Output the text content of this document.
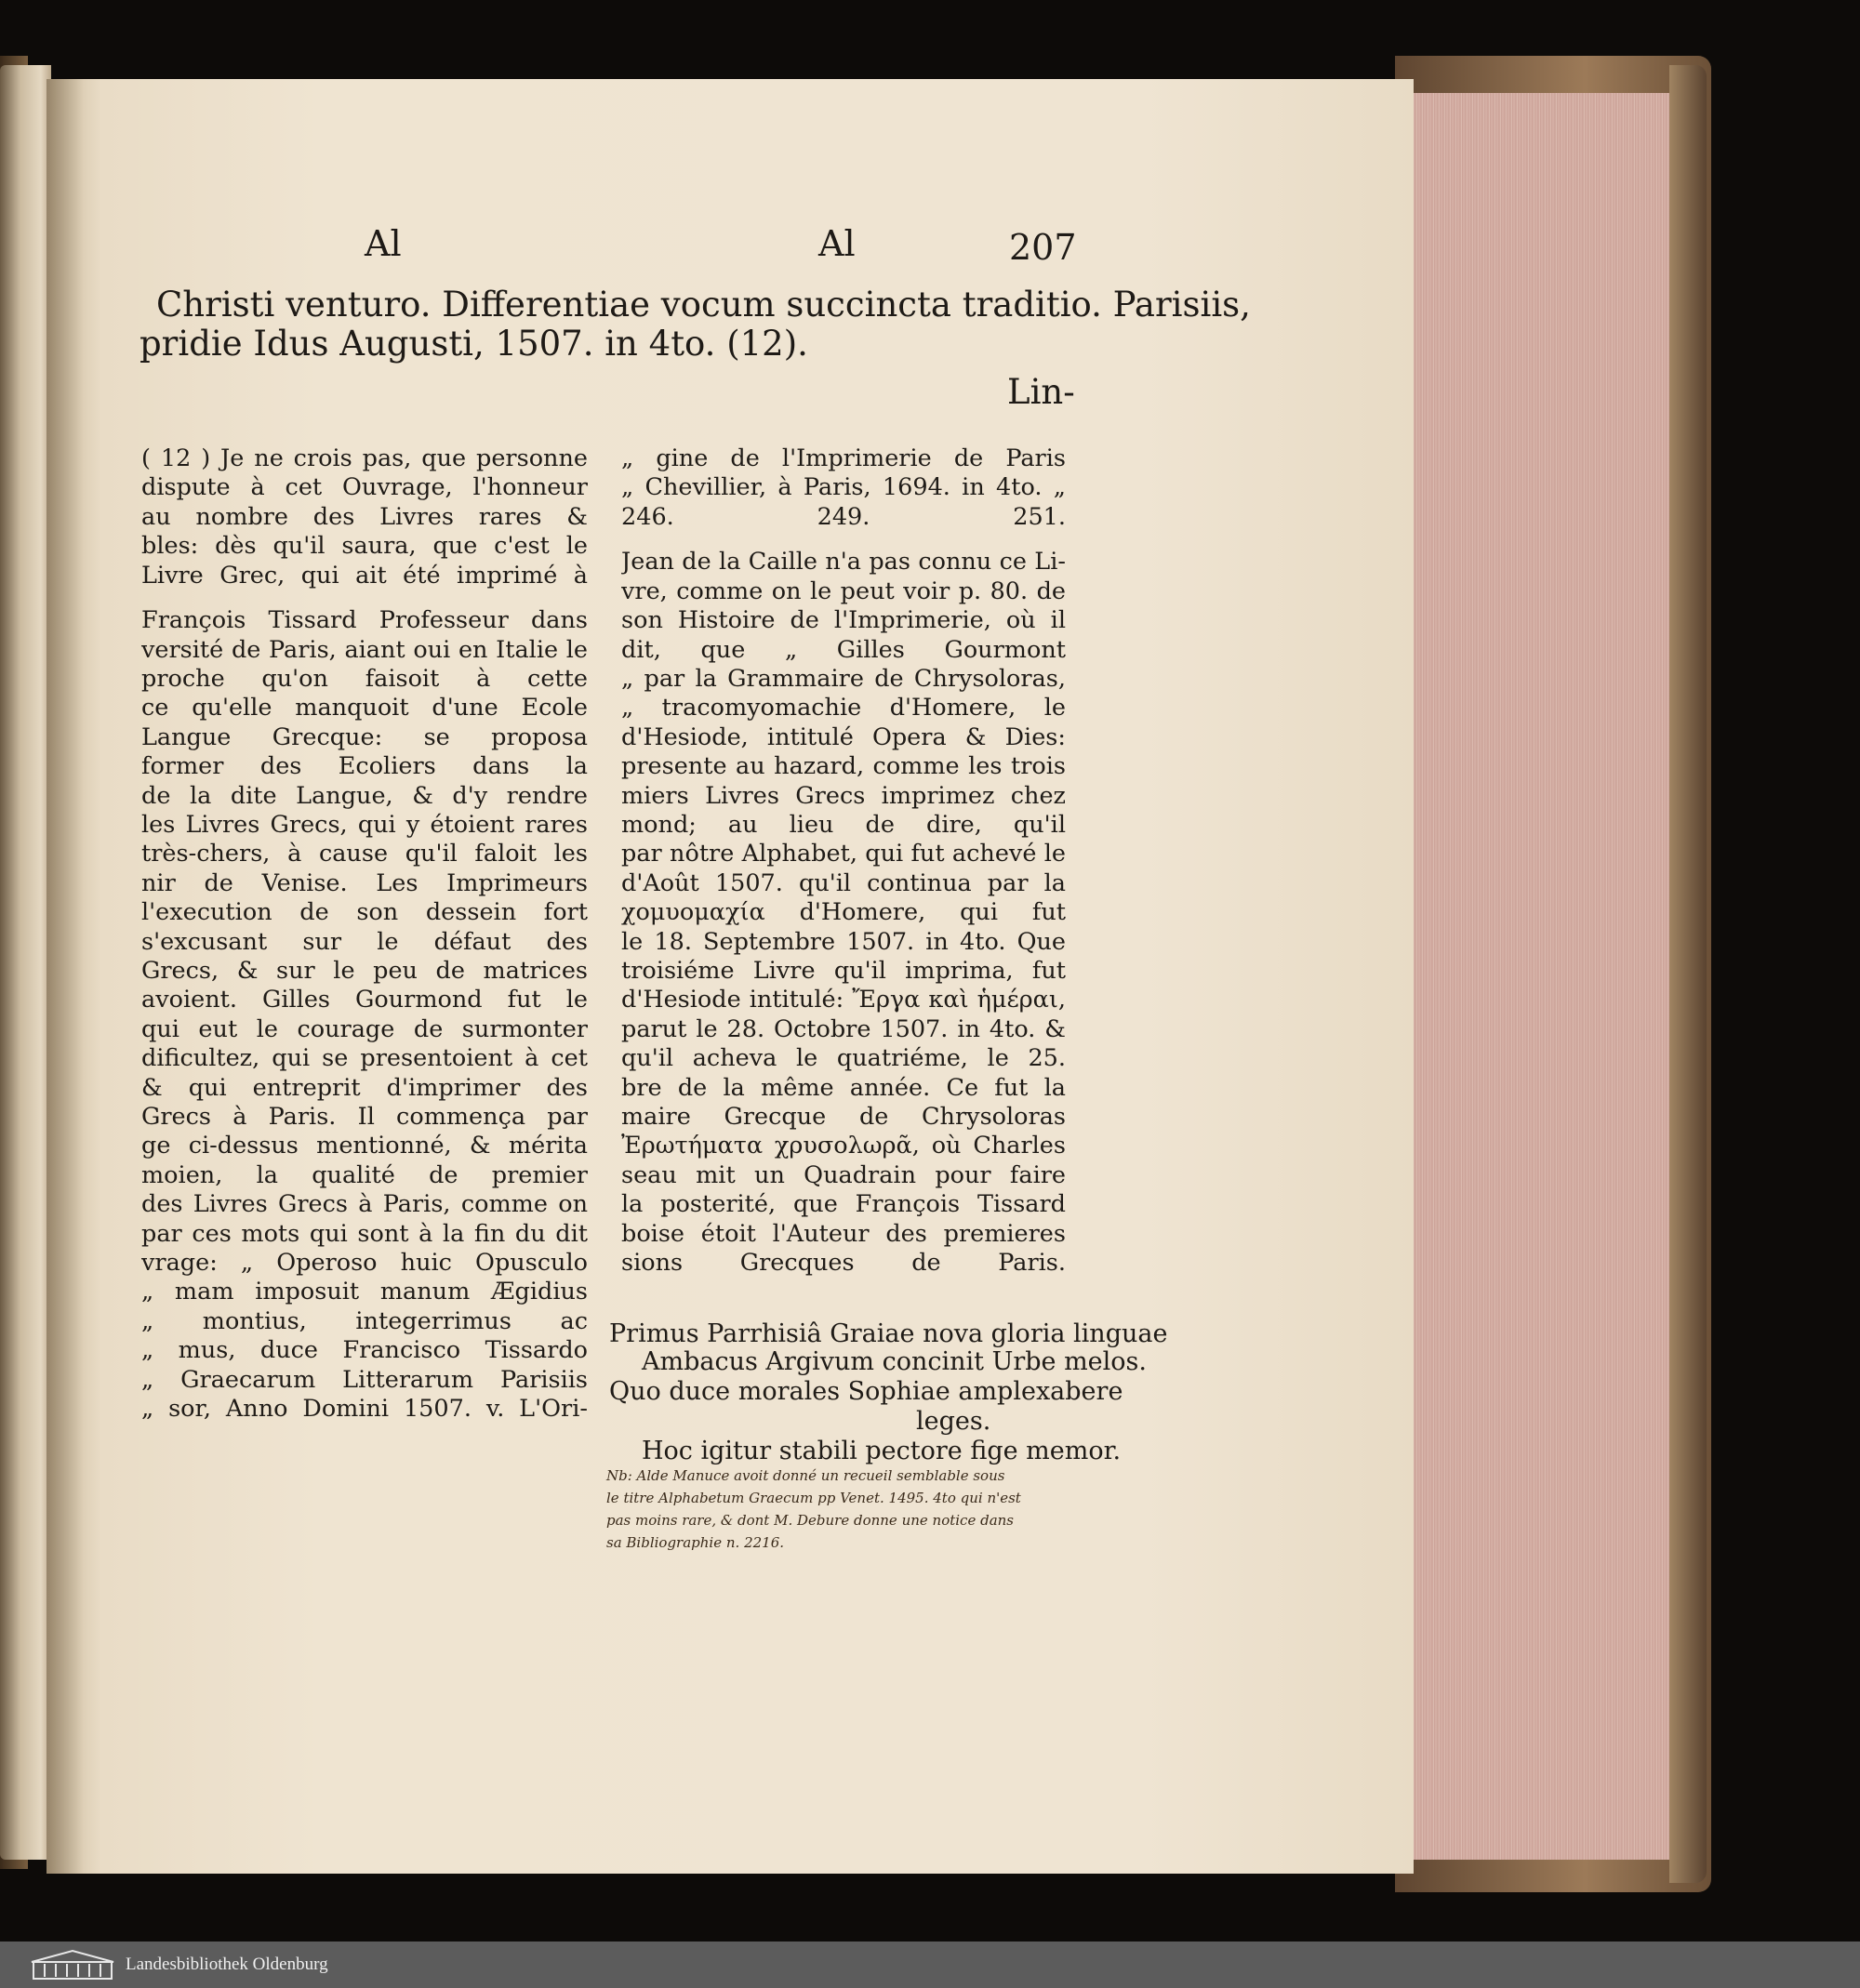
Al	Al	207
Christi venturo. Differentiae vocum succincta traditio. Parisiis,
pridie Idus Augusti, 1507. in 4to. (12).
Lin-
( 12 ) Je ne crois pas, que personne
dispute à cet Ouvrage, l'honneur
au nombre des Livres rares &
bles: dès qu'il saura, que c'est le
Livre Grec, qui ait été imprimé à
François Tissard Professeur dans
versité de Paris, aiant oui en Italie le
proche qu'on faisoit à cette
ce qu'elle manquoit d'une Ecole
Langue Grecque: se proposa
former des Ecoliers dans la
de la dite Langue, & d'y rendre
les Livres Grecs, qui y étoient rares
très-chers, à cause qu'il faloit les
nir de Venise. Les Imprimeurs
l'execution de son dessein fort
s'excusant sur le défaut des
Grecs, & sur le peu de matrices
avoient. Gilles Gourmond fut le
qui eut le courage de surmonter
dificultez, qui se presentoient à cet
& qui entreprit d'imprimer des
Grecs à Paris. Il commença par
ge ci-dessus mentionné, & mérita
moien, la qualité de premier
des Livres Grecs à Paris, comme on
par ces mots qui sont à la fin du dit
vrage: „ Operoso huic Opusculo
„ mam imposuit manum Ægidius
„ montius, integerrimus ac
„ mus, duce Francisco Tissardo
„ Graecarum Litterarum Parisiis
„ sor, Anno Domini 1507. v. L'Ori-
„ gine de l'Imprimerie de Paris
„ Chevillier, à Paris, 1694. in 4to. „
246. 249. 251.
Jean de la Caille n'a pas connu ce Li-
vre, comme on le peut voir p. 80. de
son Histoire de l'Imprimerie, où il
dit, que „ Gilles Gourmont
„ par la Grammaire de Chrysoloras,
„ tracomyomachie d'Homere, le
d'Hesiode, intitulé Opera & Dies:
presente au hazard, comme les trois
miers Livres Grecs imprimez chez
mond; au lieu de dire, qu'il
par nôtre Alphabet, qui fut achevé le
d'Août 1507. qu'il continua par la
χομυομαχία d'Homere, qui fut
le 18. Septembre 1507. in 4to. Que
troisiéme Livre qu'il imprima, fut
d'Hesiode intitulé: Ἔργα καὶ ἡμέραι,
parut le 28. Octobre 1507. in 4to. &
qu'il acheva le quatriéme, le 25.
bre de la même année. Ce fut la
maire Grecque de Chrysoloras
Ἐρωτήματα χρυσολωρᾶ, où Charles
seau mit un Quadrain pour faire
la posterité, que François Tissard
boise étoit l'Auteur des premieres
sions Grecques de Paris.
Primus Parrhisiâ Graiae nova gloria linguae
Ambacus Argivum concinit Urbe melos.
Quo duce morales Sophiae amplexabere
leges.
Hoc igitur stabili pectore fige memor.
Nb: Alde Manuce avoit donné un recueil semblable sous
le titre Alphabetum Graecum pp Venet. 1495. 4to qui n'est
pas moins rare, & dont M. Debure donne une notice dans
sa Bibliographie n. 2216.
Landesbibliothek Oldenburg
